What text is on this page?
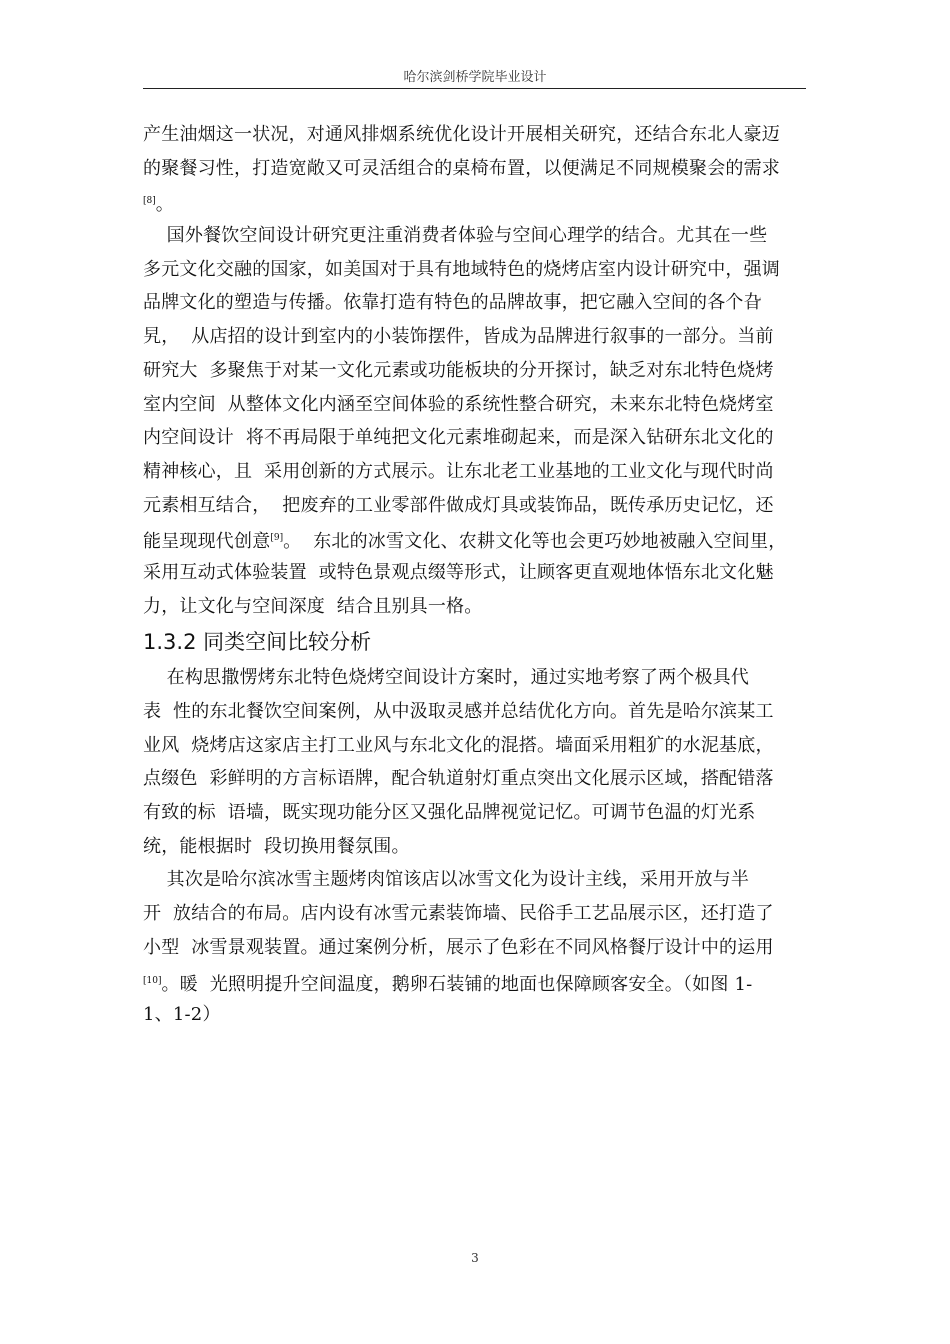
哈尔滨剑桥学院毕业设计
产生油烟这一状况，对通风排烟系统优化设计开展相关研究，还结合东北人豪迈
的聚餐习性，打造宽敞又可灵活组合的桌椅布置，以便满足不同规模聚会的需求
[8]。
国外餐饮空间设计研究更注重消费者体验与空间心理学的结合。尤其在一些
多元文化交融的国家，如美国对于具有地域特色的烧烤店室内设计研究中，强调
品牌文化的塑造与传播。依靠打造有特色的品牌故事，把它融入空间的各个旮
旯，  从店招的设计到室内的小装饰摆件，皆成为品牌进行叙事的一部分。当前
研究大  多聚焦于对某一文化元素或功能板块的分开探讨，缺乏对东北特色烧烤
室内空间  从整体文化内涵至空间体验的系统性整合研究，未来东北特色烧烤室
内空间设计  将不再局限于单纯把文化元素堆砌起来，而是深入钻研东北文化的
精神核心，且  采用创新的方式展示。让东北老工业基地的工业文化与现代时尚
元素相互结合，  把废弃的工业零部件做成灯具或装饰品，既传承历史记忆，还
能呈现现代创意[9]。  东北的冰雪文化、农耕文化等也会更巧妙地被融入空间里，
采用互动式体验装置  或特色景观点缀等形式，让顾客更直观地体悟东北文化魅
力，让文化与空间深度  结合且别具一格。
1.3.2 同类空间比较分析
在构思撒愣烤东北特色烧烤空间设计方案时，通过实地考察了两个极具代
表  性的东北餐饮空间案例，从中汲取灵感并总结优化方向。首先是哈尔滨某工
业风  烧烤店这家店主打工业风与东北文化的混搭。墙面采用粗犷的水泥基底，
点缀色  彩鲜明的方言标语牌，配合轨道射灯重点突出文化展示区域，搭配错落
有致的标  语墙，既实现功能分区又强化品牌视觉记忆。可调节色温的灯光系
统，能根据时  段切换用餐氛围。
其次是哈尔滨冰雪主题烤肉馆该店以冰雪文化为设计主线，采用开放与半
开  放结合的布局。店内设有冰雪元素装饰墙、民俗手工艺品展示区，还打造了
小型  冰雪景观装置。通过案例分析，展示了色彩在不同风格餐厅设计中的运用
[10]。暖  光照明提升空间温度，鹅卵石装铺的地面也保障顾客安全。（如图 1-
1、1-2）
3
